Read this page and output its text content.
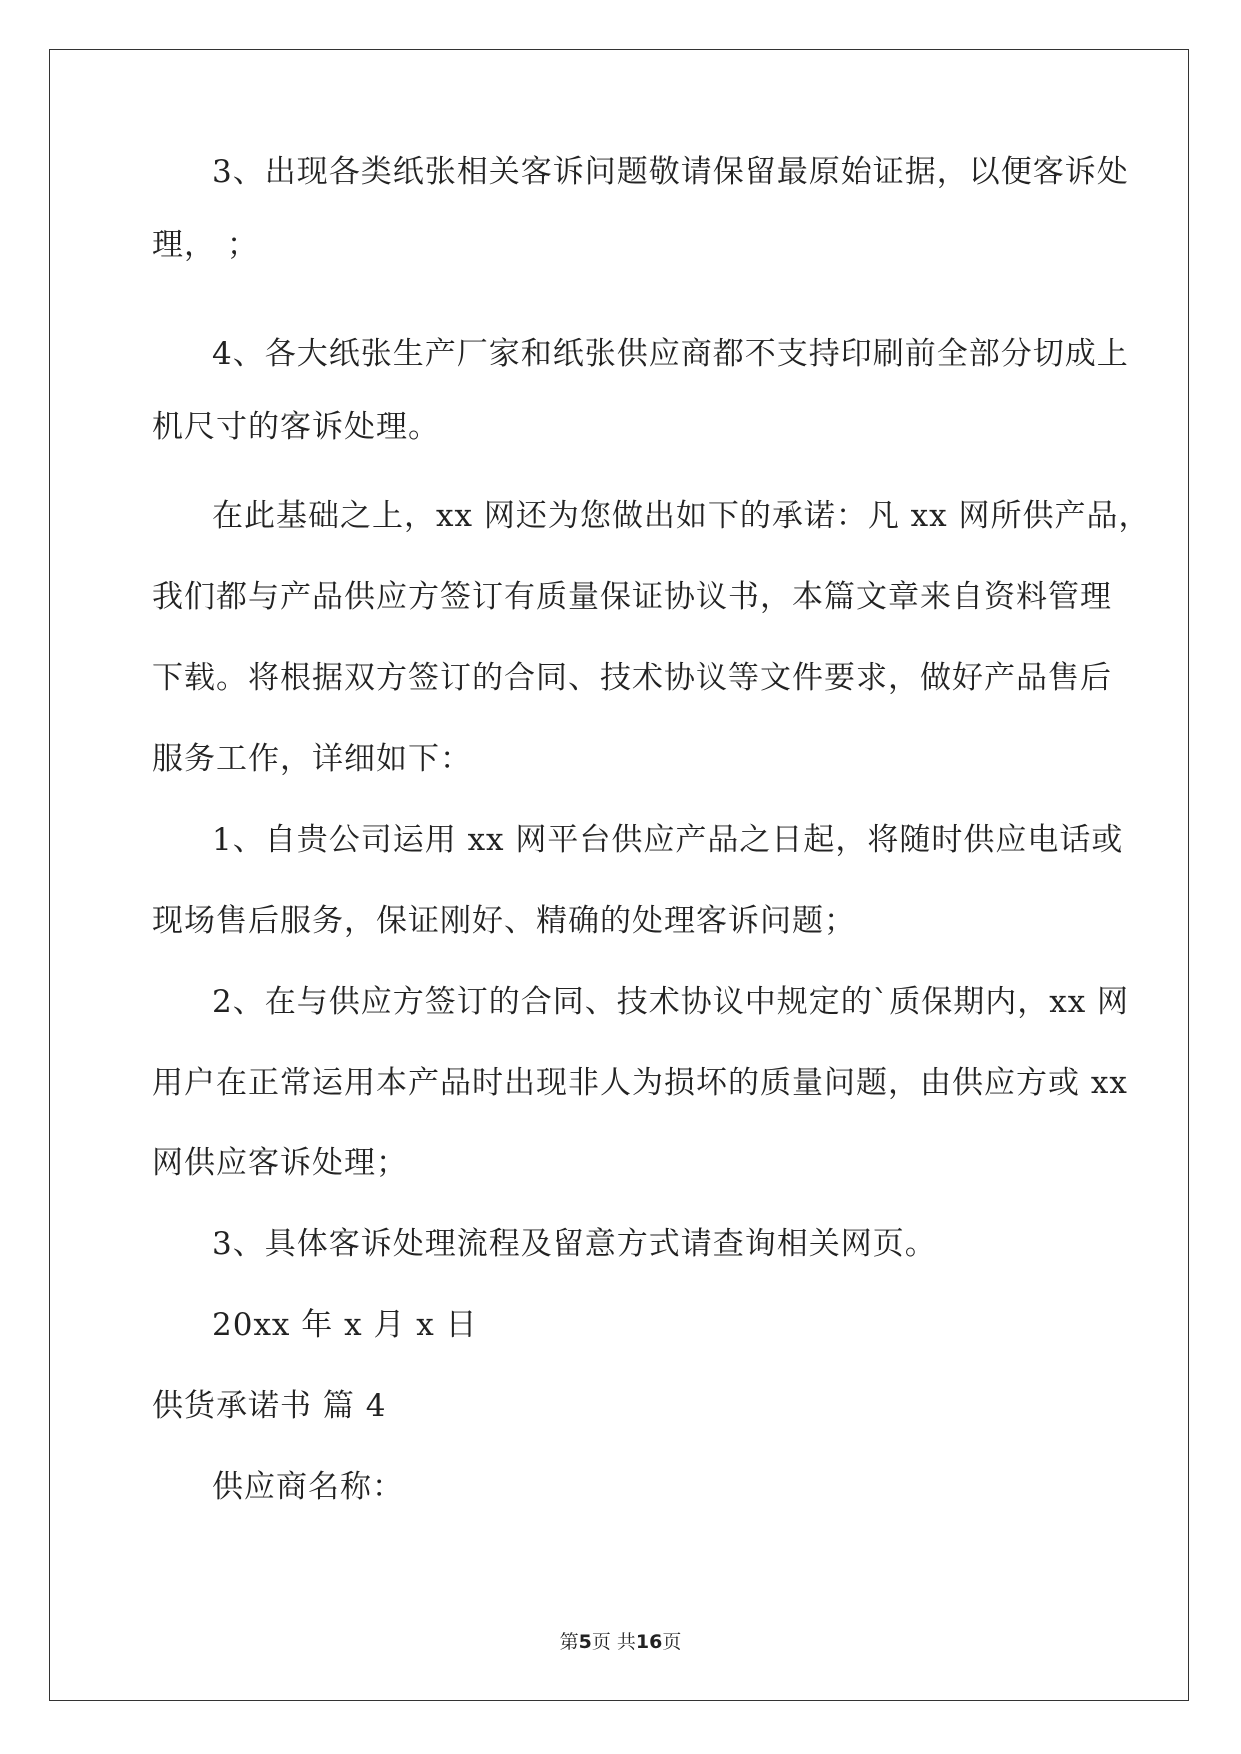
3、出现各类纸张相关客诉问题敬请保留最原始证据，以便客诉处
理， ；
4、各大纸张生产厂家和纸张供应商都不支持印刷前全部分切成上
机尺寸的客诉处理。
在此基础之上，xx 网还为您做出如下的承诺：凡 xx 网所供产品，
我们都与产品供应方签订有质量保证协议书，本篇文章来自资料管理
下载。将根据双方签订的合同、技术协议等文件要求，做好产品售后
服务工作，详细如下：
1、自贵公司运用 xx 网平台供应产品之日起，将随时供应电话或
现场售后服务，保证刚好、精确的处理客诉问题；
2、在与供应方签订的合同、技术协议中规定的`质保期内，xx 网
用户在正常运用本产品时出现非人为损坏的质量问题，由供应方或 xx
网供应客诉处理；
3、具体客诉处理流程及留意方式请查询相关网页。
20xx 年 x 月 x 日
供货承诺书 篇 4
供应商名称：
第5页 共16页
